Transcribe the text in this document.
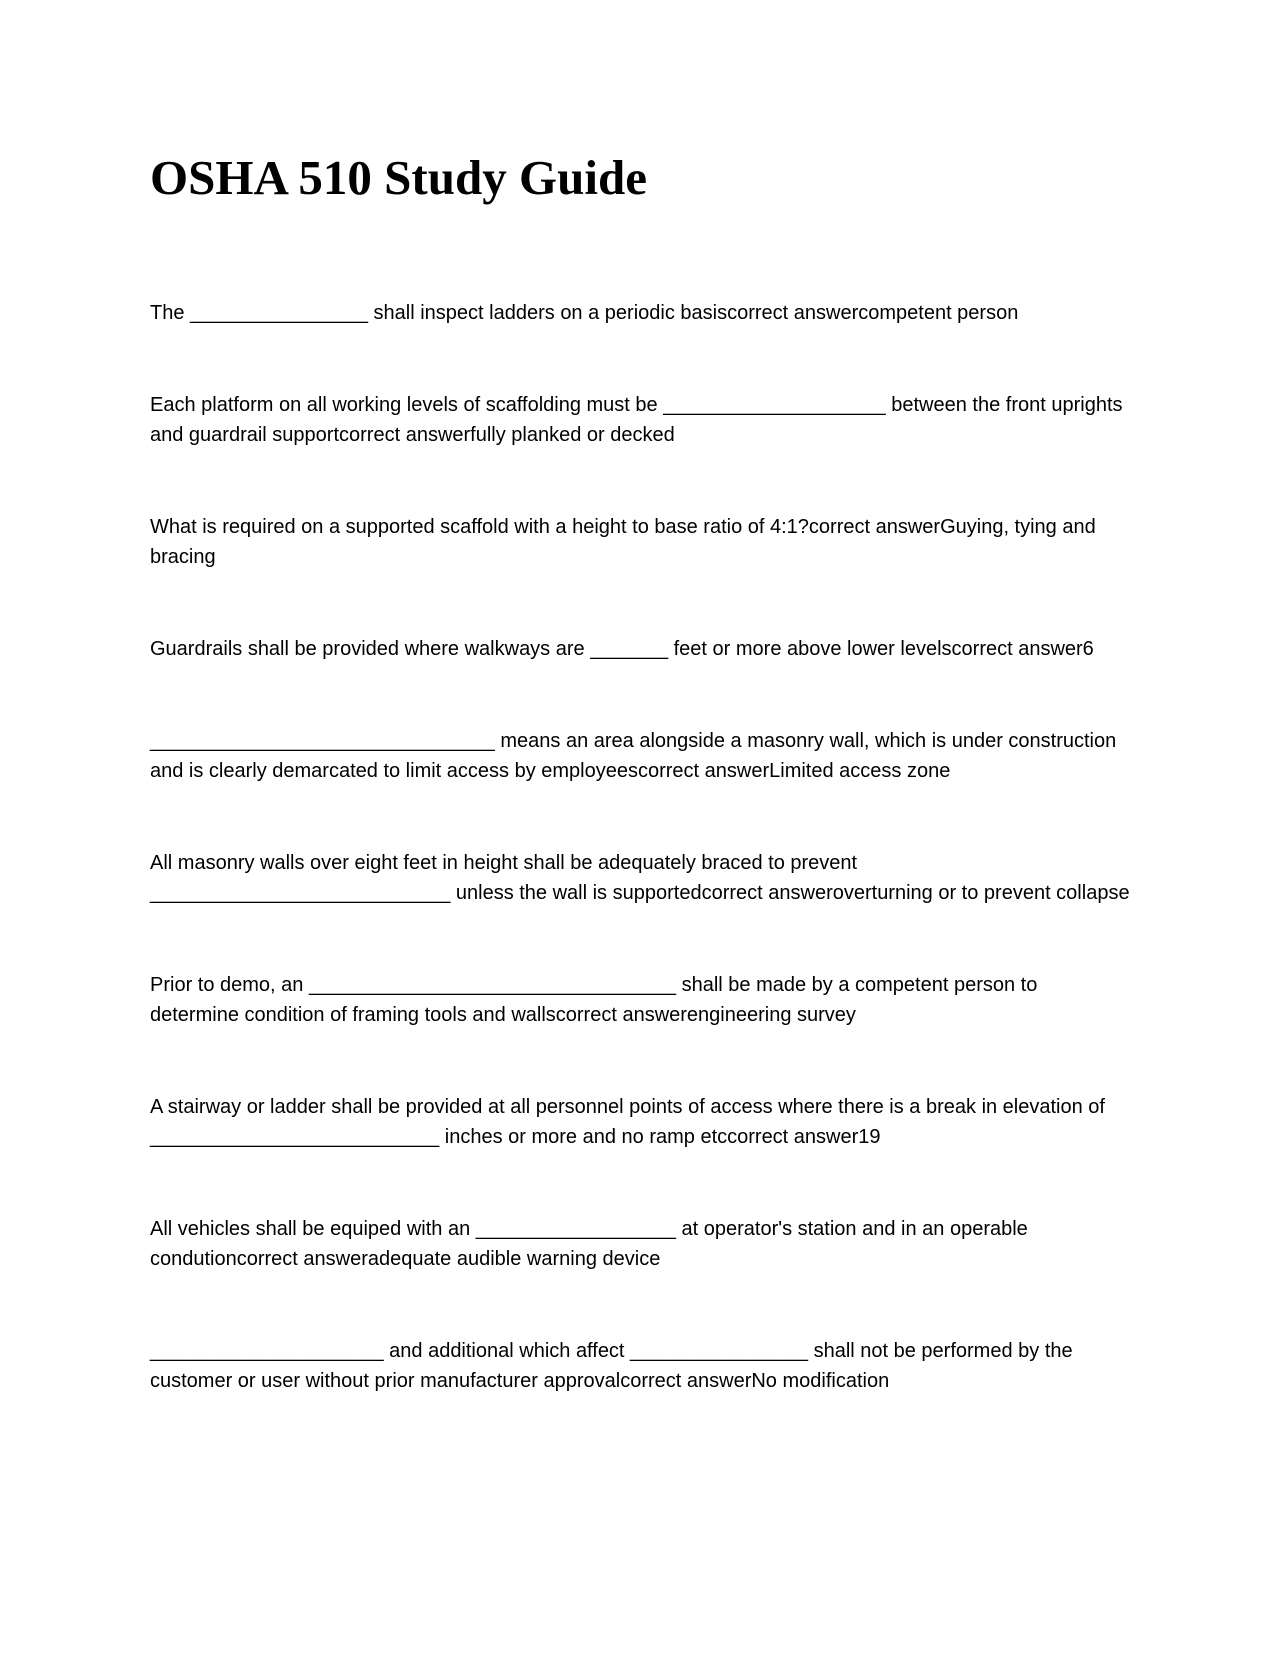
OSHA 510 Study Guide

The ________________ shall inspect ladders on a periodic basiscorrect answercompetent person

Each platform on all working levels of scaffolding must be ____________________ between the front uprights and guardrail supportcorrect answerfully planked or decked

What is required on a supported scaffold with a height to base ratio of 4:1?correct answerGuying, tying and bracing

Guardrails shall be provided where walkways are _______ feet or more above lower levelscorrect answer6

_______________________________ means an area alongside a masonry wall, which is under construction and is clearly demarcated to limit access by employeescorrect answerLimited access zone

All masonry walls over eight feet in height shall be adequately braced to prevent ___________________________ unless the wall is supportedcorrect answeroverturning or to prevent collapse

Prior to demo, an _________________________________ shall be made by a competent person to determine condition of framing tools and wallscorrect answerengineering survey

A stairway or ladder shall be provided at all personnel points of access where there is a break in elevation of __________________________ inches or more and no ramp etccorrect answer19

All vehicles shall be equiped with an __________________ at operator's station and in an operable condutioncorrect answeradequate audible warning device

_____________________ and additional which affect ________________ shall not be performed by the customer or user without prior manufacturer approvalcorrect answerNo modification
